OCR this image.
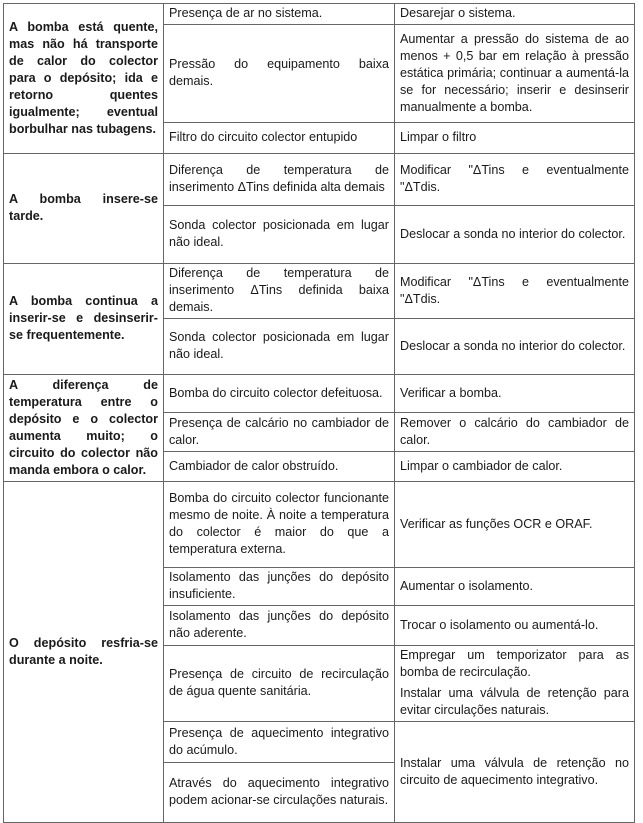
A bomba está quente, mas não há transporte de calor do colector para o depósito; ida e retorno quentes igualmente; eventual borbulhar nas tubagens.	Presença de ar no sistema.	Desarejar o sistema.
	Pressão do equipamento baixa demais.	Aumentar a pressão do sistema de ao menos + 0,5 bar em relação à pressão estática primária; continuar a aumentá-la se for necessário; inserir e desinserir manualmente a bomba.
	Filtro do circuito colector entupido	Limpar o filtro
A bomba insere-se tarde.	Diferença de temperatura de inserimento ΔTins definida alta demais	Modificar "ΔTins e eventualmente "ΔTdis.
	Sonda colector posicionada em lugar não ideal.	Deslocar a sonda no interior do colector.
A bomba continua a inserir-se e desinserir-se frequentemente.	Diferença de temperatura de inserimento ΔTins definida baixa demais.	Modificar "ΔTins e eventualmente "ΔTdis.
	Sonda colector posicionada em lugar não ideal.	Deslocar a sonda no interior do colector.
A diferença de temperatura entre o depósito e o colector aumenta muito; o circuito do colector não manda embora o calor.	Bomba do circuito colector defeituosa.	Verificar a bomba.
	Presença de calcário no cambiador de calor.	Remover o calcário do cambiador de calor.
	Cambiador de calor obstruído.	Limpar o cambiador de calor.
O depósito resfria-se durante a noite.	Bomba do circuito colector funcionante mesmo de noite. À noite a temperatura do colector é maior do que a temperatura externa.	Verificar as funções OCR e ORAF.
	Isolamento das junções do depósito insuficiente.	Aumentar o isolamento.
	Isolamento das junções do depósito não aderente.	Trocar o isolamento ou aumentá-lo.
	Presença de circuito de recirculação de água quente sanitária.	Empregar um temporizator para as bomba de recirculação.
Instalar uma válvula de retenção para evitar circulações naturais.

	Presença de aquecimento integrativo do acúmulo.	Instalar uma válvula de retenção no circuito de aquecimento integrativo.
	Através do aquecimento integrativo podem acionar-se circulações naturais.	
